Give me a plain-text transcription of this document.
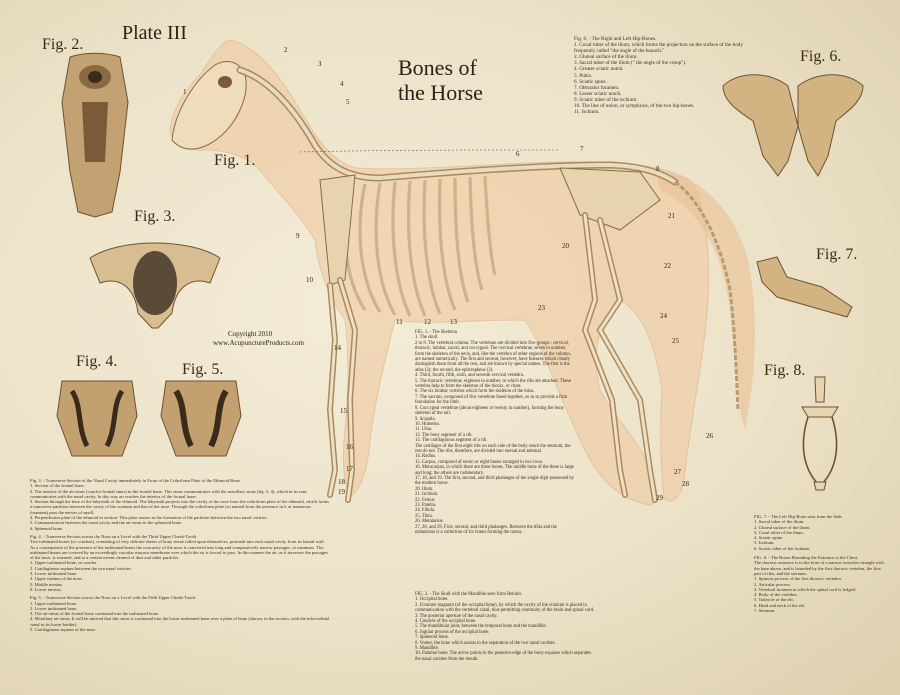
Plate III
Bones of
the Horse
Fig. 2.
Fig. 1.
Fig. 3.
Fig. 4.	Fig. 5.
Fig. 6.
Fig. 7.
Fig. 8.
Copyright 2010
www.AcupunctureProducts.com
1
2
3
4
5
6
7
8
9
10
11	12	13
14
15
16
17
18
19
20
21
22
23
24
25
26
27
28
29

Fig. 6. - The Right and Left Hip-Bones.

1. Coxal tuber of the ilium, which forms the projection on the surface of the body frequently called "the angle of the haunch."

2. Gluteal surface of the ilium.

3. Sacral tuber of the ilium (" the angle of the croup").

4. Greater sciatic notch.

5. Pubis.

6. Sciatic spine.

7. Obturator foramen.

8. Lesser sciatic notch.

9. Sciatic tuber of the ischium.

10. The line of union, or symphysis, of the two hip-bones.

11. Ischium.

FIG. 1. - The Skeleton

1. The skull.

2 to 8. The vertebral column. The vertebrae are divided into five groups : cervical, thoracic, lumbar, sacral, and coccygeal. The cervical vertebrae, seven in number, form the skeleton of the neck, and, like the vertebra of other regions of the column, are named numerically. The first and second, however, have features which clearly distinguish them from all the rest, and are known by special names. The first is the atlas (2); the second, the epistropheus (3).

4. Third, fourth, fifth, sixth, and seventh cervical vertebra.

5. The thoracic vertebrae, eighteen in number, to which the ribs are attached. These vertebra help to form the skeleton of the thorax, or chest.

6. The six lumbar vertebra which form the skeleton of the loins.

7. The sacrum, composed of five vertebrae fused together, so as to provide a firm foundation for the limb.

8. Coccygeal vertebrae (about eighteen or twenty in number), forming the bony skeleton of the tail.

9. Scapula.

10. Humerus.

11. Ulna.

12. The bony segment of a rib.

13. The cartilaginous segment of a rib.

The cartilages of the first eight ribs on each side of the body reach the sternum; the rest do not. The ribs, therefore, are divided into sternal and asternal.

14. Radius.

15. Carpus, composed of seven or eight bones arranged in two rows.

16. Metacarpus, in which there are three bones. The middle bone of the three is large and long; the others are rudimentary.

17, 18, and 19. The first, second, and third phalanges of the single digit possessed by the modern horse.

20. Ilium.

21. Ischium.

22. Femur.

23. Patella.

24. Fibula.

25. Tibia.

26. Metatarsus.

27, 28, and 29. First, second, and third phalanges. Between the tibia and the metatarsus is a collection of six bones forming the tarsus.

FIG. 2. - The Skull with the Mandible seen from Behind.

1. Occipital bone.

2. Foramen magnum (of the occipital bone), by which the cavity of the cranium is placed in communication with the vertebral canal, thus permitting continuity of the brain and spinal cord.

3. The posterior aperture of the nasal cavity.

4. Condyle of the occipital bone.

5. The mandibular joint, between the temporal bone and the mandible.

6. Jugular process of the occipital bone.

7. Sphenoid bone.

8. Vomer, the bone which assists in the separation of the two nasal cavities.

9. Mandible.

10. Palatine bone. The arrow points to the posterior edge of the bony expanse which separates the nasal cavities from the mouth.

Fig. 3. - Transverse Section of the Nasal Cavity immediately in Front of the Cribriform Plate of the Ethmoid Bone.

1. Section of the frontal bone.

2. The interior of the air-sinus (concho-frontal sinus) in the frontal bone. This sinus communicates with the maxillary sinus (fig. 5, 4), which in its turn communicates with the nasal cavity. In this way air reaches the interior of the frontal bone.

3. Section through the base of the labyrinth of the ethmoid. The labyrinth projects into the cavity of the nose from the cribriform plate of the ethmoid, which forms a transverse partition between the cavity of the cranium and that of the nose. Through the cribriform plate (so named from the presence in it of numerous foramina) pass the nerves of smell.

4. Perpendicular plate of the ethmoid in section. This plate assists in the formation of the partition between the two nasal cavities.

5. Communication between the nasal cavity and the air-sinus in the sphenoid bone.

6. Sphenoid bone.

Fig. 4. - Transverse Section across the Nose on a Level with the Third Upper Cheek-Tooth.

Two turbinated bones (or conchae), consisting of very delicate sheets of bony tissue rolled upon themselves, protrude into each nasal cavity from its lateral wall. As a consequence of the presence of the turbinated bones the concavity of the nose is converted into long and comparatively narrow passages, or meatuses. The turbinated bones are covered by an exceedingly vascular mucous membrane over which the air is forced to pass. In this manner the air, as it traverses the passages of the nose, is warmed, and to a certain extent cleaned of dust and other particles.

1. Upper turbinated bone, or concha.

2. Cartilaginous septum between the two nasal cavities.

3. Lower turbinated bone.

4. Upper meatus of the nose.

5. Middle meatus.

6. Lower meatus.

Fig. 5. - Transverse Section across the Nose on a Level with the Fifth Upper Cheek-Tooth.

1. Upper turbinated bone.

2. Lower turbinated bone.

3. The air-sinus of the frontal bone continued into the turbinated bone.

4. Maxillary air-sinus. It will be noticed that this sinus is continued into the lower turbinated bone over a plate of bone (shown, in the section, with the infra-orbital canal in its lower border).

5. Cartilaginous septum of the nose.

FIG. 7. - The Left Hip-Bone seen from the Side.

1. Sacral tuber of the ilium.

2. Gluteal surface of the ilium.

3. Coxal tuber of the ilium.

4. Sciatic spine.

5. Ischium.

6. Sciatic tuber of the ischium.

FIG. 8. - The Bones Bounding the Entrance to the Chest.

The thoracic entrance is in the form of a narrow isosceles triangle with the base above, and is bounded by the first thoracic vertebra, the first pair of ribs, and the sternum.

1. Spinous process of the first thoracic vertebra.

2. Articular process.

3. Vertebral foramen in which the spinal cord is lodged.

4. Body of the vertebra.

5. Tubercle of the rib.

6. Head and neck of the rib.

7. Sternum.
